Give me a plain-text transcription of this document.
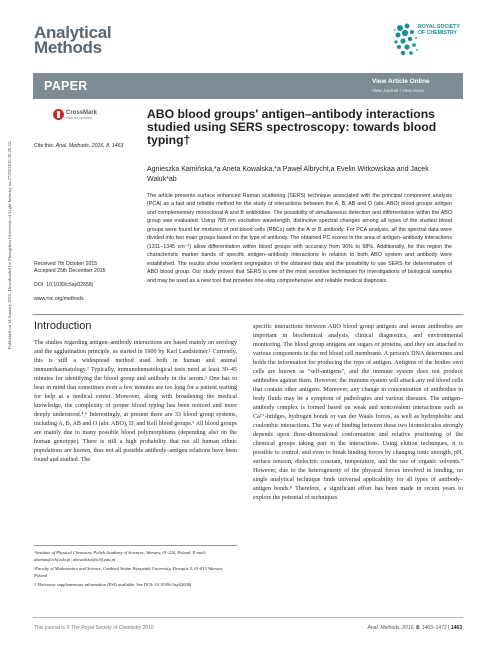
Published on 14 January 2016. Downloaded by Zhengzhou University of Light Industry on 27/03/2016 20:26:52.
Analytical
Methods
ROYAL SOCIETY
OF CHEMISTRY
PAPER	View Article Online
View Journal | View Issue
CrossMark
click for updates
Cite this: Anal. Methods, 2016, 8, 1463
ABO blood groups' antigen–antibody interactions studied using SERS spectroscopy: towards blood typing†
Agnieszka Kamińska,*a Aneta Kowalska,*a Paweł Albrycht,a Evelin Witkowskaa and Jacek Waluk*ab
The article presents surface enhanced Raman scattering (SERS) technique associated with the principal component analysis (PCA) as a fast and reliable method for the study of interactions between the A, B, AB and O (abr. ABO) blood groups antigen and complementary monoclonal A and B antibodies. The possibility of simultaneous detection and differentiation within the ABO group was evaluated. Using 785 nm excitation wavelength, distinctive spectral changes among all types of the studied blood groups were found for mixtures of red blood cells (RBCs) with the A or B antibody. For PCA analysis, all the spectral data were divided into two main groups based on the type of antibody. The obtained PC scores in the area of antigen–antibody interactions (1311–1345 cm⁻¹) allow differentiation within blood groups with accuracy from 96% to 98%. Additionally, for this region the characteristic marker bands of specific antigen–antibody interactions in relation to both ABO system and antibody were established. The results show excellent segregation of the obtained data and the possibility to use SERS for determination of ABO blood group. Our study proves that SERS is one of the most sensitive techniques for investigations of biological samples and may be used as a new tool that provides one-step comprehensive and reliable medical diagnosis.
Received 7th October 2015
Accepted 25th December 2015
DOI: 10.1039/c5ay02658j
www.rsc.org/methods
Introduction

The studies regarding antigen–antibody interactions are based mainly on serology and the agglutination principle, as started in 1900 by Karl Landsteiner.¹ Currently, this is still a widespread method used both in human and animal immunohaematology.² Typically, immunohematological tests need at least 30–45 minutes for identifying the blood group and antibody in the serum.³ One has to bear in mind that sometimes even a few minutes are too long for a patient waiting for help at a medical center. Moreover, along with broadening the medical knowledge, the complexity of proper blood typing has been noticed and more deeply understood.⁴,⁵ Interestingly, at present there are 33 blood group systems, including A, B, AB and O (abr. ABO), D, and Kell blood groups.⁶ All blood groups are mainly due to many possible blood polymorphisms (depending also on the human genotype). There is still a high probability that not all human ethnic populations are known, thus not all possible antibody–antigen relations have been found and studied. The

specific interactions between ABO blood group antigens and serum antibodies are important in biochemical analysis, clinical diagnostics, and environmental monitoring. The blood group antigens are sugars or proteins, and they are attached to various components in the red blood cell membrane. A person's DNA determines and holds the information for producing the type of antigen. Antigens of the bodies own cells are known as "self-antigens", and the immune system does not produce antibodies against them. However, the immune system will attack any red blood cells that contain other antigens. Moreover, any change in concentration of antibodies in body fluids may be a symptom of pathologies and various diseases. The antigen–antibody complex is formed based on weak and noncovalent interactions such as Ca²⁺-bridges, hydrogen bonds or van der Waals forces, as well as hydrophobic and coulombic interactions. The way of binding between these two biomolecules strongly depends upon three-dimensional conformation and relative positioning of the chemical groups taking part in the interactions. Using elution techniques, it is possible to control, and even to break binding forces by changing ionic strength, pH, surface tension, dielectric constant, temperature, and the use of organic solvents.⁷ However, due to the heterogeneity of the physical forces involved in binding, no single analytical technique finds universal applicability for all types of antibody–antigen bonds.⁸ Therefore, a significant effort has been made in recent years to explore the potential of techniques

ᵃInstitute of Physical Chemistry, Polish Academy of Sciences, Warsaw, 01-224, Poland. E-mail: akamin@ichf.edu.pl; akowalska@ichf.edu.pl
ᵇFaculty of Mathematics and Science, Cardinal Stefan Wyszyński University, Dewajtis 5, 01-815 Warsaw, Poland
† Electronic supplementary information (ESI) available. See DOI: 10.1039/c5ay02658j
This journal is © The Royal Society of Chemistry 2016	Anal. Methods, 2016, 8, 1463–1472 | 1463
